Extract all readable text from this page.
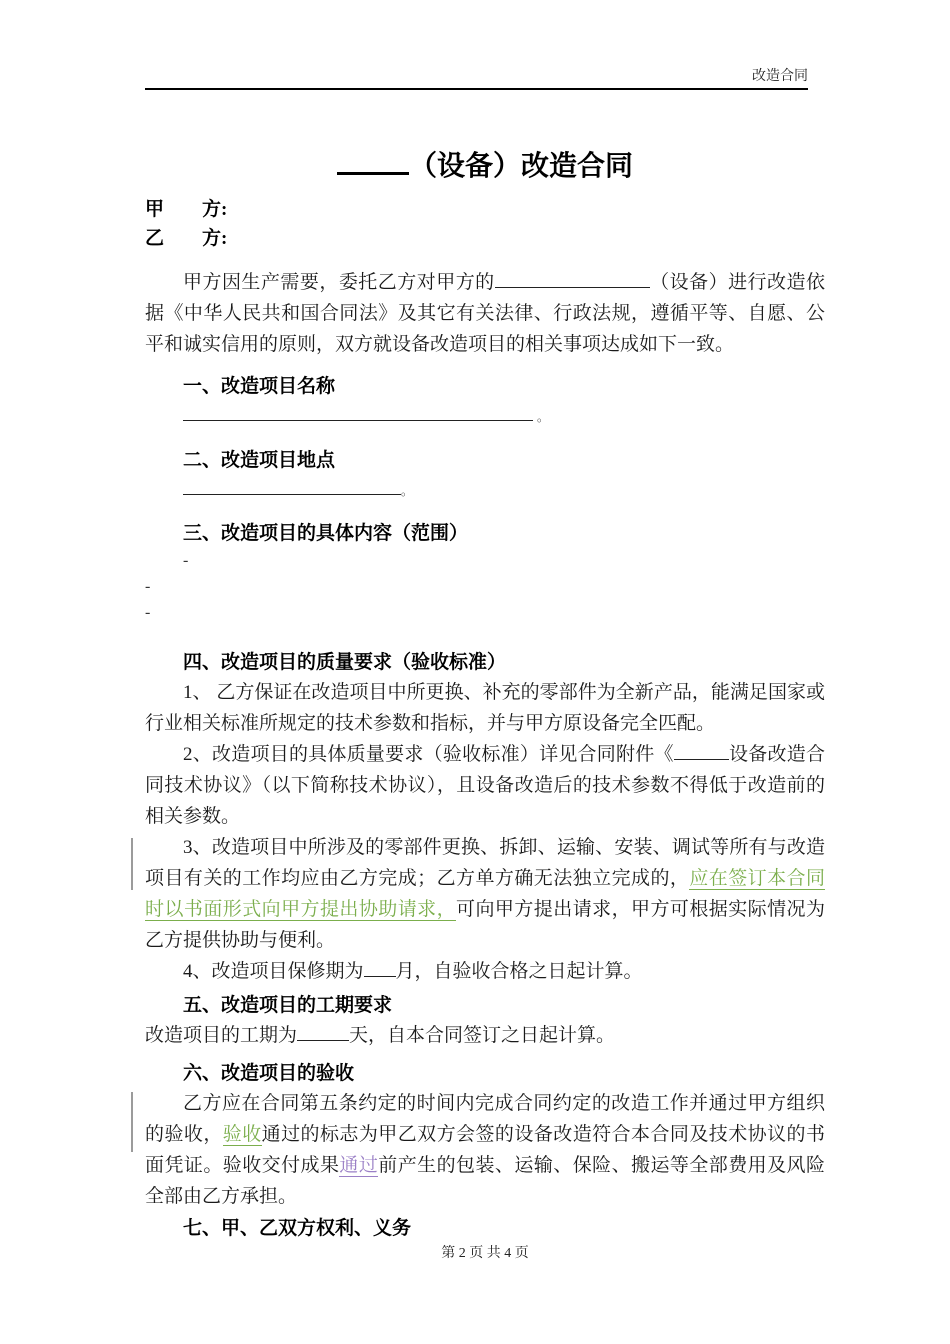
改造合同
（设备）改造合同
甲　　方:
乙　　方:

甲方因生产需要，委托乙方对甲方的	（设备）进行改造依据《中华人民共和国合同法》及其它有关法律、行政法规，遵循平等、自愿、公平和诚实信用的原则，双方就设备改造项目的相关事项达成如下一致。

一、改造项目名称

。

二、改造项目地点

。

三、改造项目的具体内容（范围）

-

-

-

四、改造项目的质量要求（验收标准）

1、 乙方保证在改造项目中所更换、补充的零部件为全新产品，能满足国家或行业相关标准所规定的技术参数和指标，并与甲方原设备完全匹配。

2、改造项目的具体质量要求（验收标准）详见合同附件《	设备改造合同技术协议》（以下简称技术协议），且设备改造后的技术参数不得低于改造前的相关参数。

3、改造项目中所涉及的零部件更换、拆卸、运输、安装、调试等所有与改造项目有关的工作均应由乙方完成；乙方单方确无法独立完成的，应在签订本合同时以书面形式向甲方提出协助请求，可向甲方提出请求，甲方可根据实际情况为乙方提供协助与便利。

4、改造项目保修期为 月，自验收合格之日起计算。

五、改造项目的工期要求

改造项目的工期为	天，自本合同签订之日起计算。

六、改造项目的验收

乙方应在合同第五条约定的时间内完成合同约定的改造工作并通过甲方组织的验收，验收通过的标志为甲乙双方会签的设备改造符合本合同及技术协议的书面凭证。验收交付成果通过前产生的包装、运输、保险、搬运等全部费用及风险全部由乙方承担。

七、甲、乙双方权利、义务
第 2 页 共 4 页
